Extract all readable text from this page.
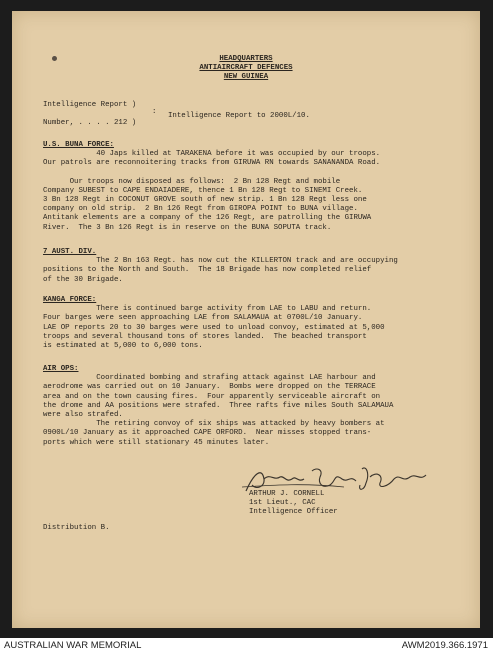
HEADQUARTERS
ANTIAIRCRAFT DEFENCES
NEW GUINEA
Intelligence Report )
Number, . . . . 212 )
: Intelligence Report to 2000L/10.
U.S. BUNA FORCE:
40 Japs killed at TARAKENA before it was occupied by our troops.
Our patrols are reconnoitering tracks from GIRUWA RN towards SANANANDA Road.
Our troops now disposed as follows:  2 Bn 128 Regt and mobile
Company SUBEST to CAPE ENDAIADERE, thence 1 Bn 128 Regt to SINEMI Creek.
3 Bn 128 Regt in COCONUT GROVE south of new strip. 1 Bn 128 Regt less one
company on old strip.  2 Bn 126 Regt from GIROPA POINT to BUNA village.
Antitank elements are a company of the 126 Regt, are patrolling the GIRUWA
River.  The 3 Bn 126 Regt is in reserve on the BUNA SOPUTA track.
7 AUST. DIV.
The 2 Bn 163 Regt. has now cut the KILLERTON track and are occupying
positions to the North and South.  The 18 Brigade has now completed relief
of the 30 Brigade.
KANGA FORCE:
There is continued barge activity from LAE to LABU and return.
Four barges were seen approaching LAE from SALAMAUA at 0700L/10 January.
LAE OP reports 20 to 30 barges were used to unload convoy, estimated at 5,000
troops and several thousand tons of stores landed.  The beached transport
is estimated at 5,000 to 6,000 tons.
AIR OPS:
Coordinated bombing and strafing attack against LAE harbour and
aerodrome was carried out on 10 January.  Bombs were dropped on the TERRACE
area and on the town causing fires.  Four apparently serviceable aircraft on
the drome and AA positions were strafed.  Three rafts five miles South SALAMAUA
were also strafed.
The retiring convoy of six ships was attacked by heavy bombers at
0900L/10 January as it approached CAPE ORFORD.  Near misses stopped trans-
ports which were still stationary 45 minutes later.
ARTHUR J. CORNELL
1st Lieut., CAC
Intelligence Officer
Distribution B.
AUSTRALIAN WAR MEMORIAL	AWM2019.366.1971
